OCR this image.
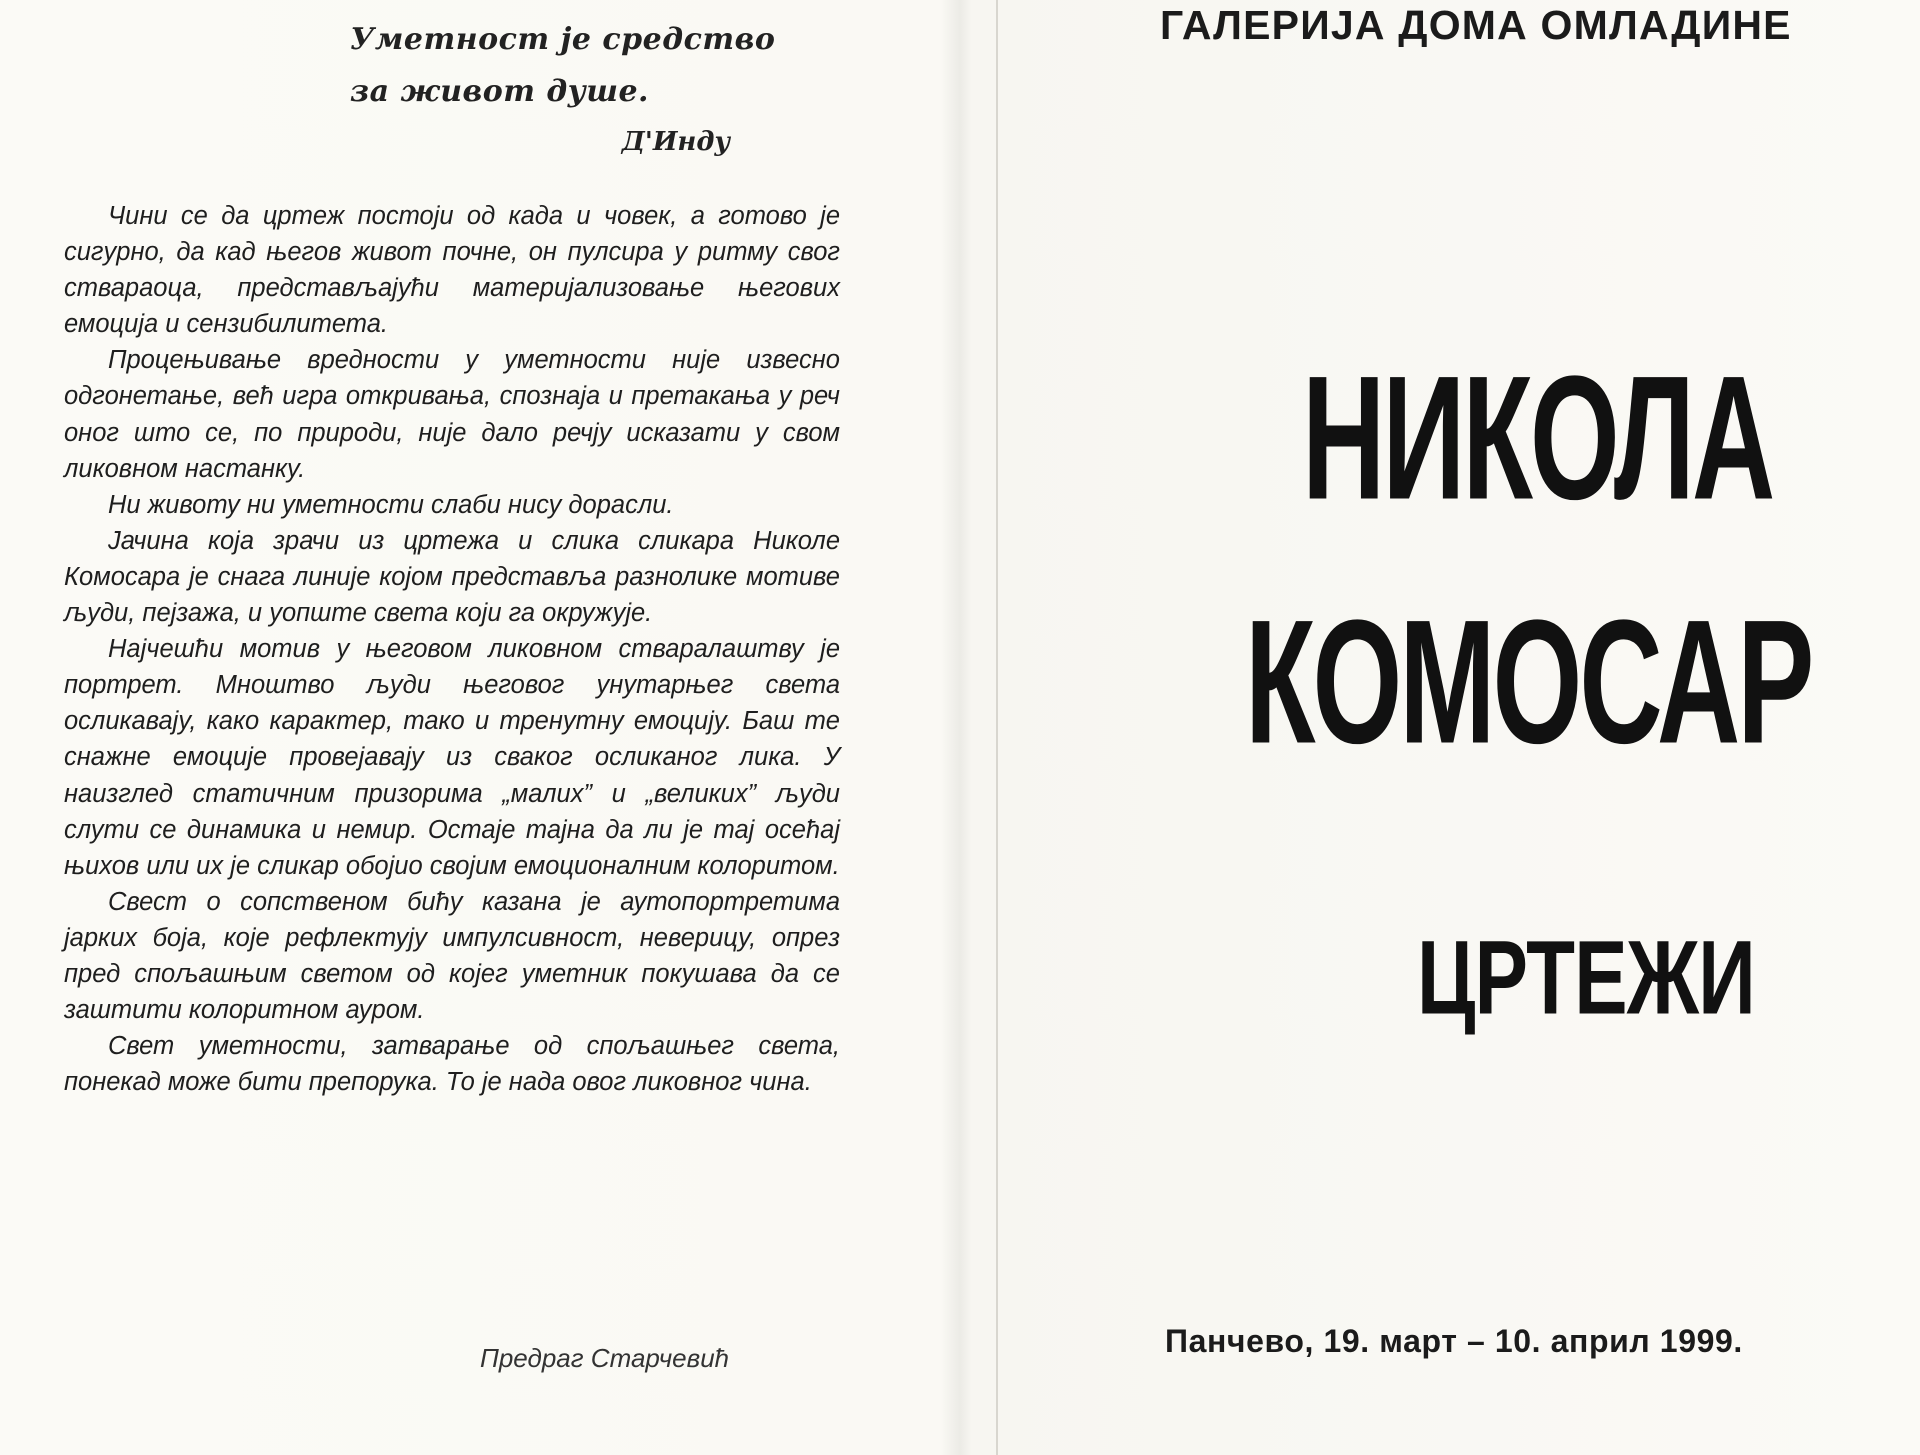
Уметност је средство
за живот душе.
Д'Инду

Чини се да цртеж постоји од када и човек, а готово је сигурно, да кад његов живот почне, он пулсира у ритму свог ствараоца, представљајући материјализовање његових емоција и сензибилитета.

Процењивање вредности у уметности није извесно одгонетање, већ игра откривања, спознаја и претакања у реч оног што се, по природи, није дало речју исказати у свом ликовном настанку.

Ни животу ни уметности слаби нису дорасли.

Јачина која зрачи из цртежа и слика сликара Николе Комосара је снага линије којом представља разнолике мотиве људи, пејзажа, и уопште света који га окружује.

Најчешћи мотив у његовом ликовном стваралаштву је портрет. Мноштво људи његовог унутарњег света осликавају, како карактер, тако и тренутну емоцију. Баш те снажне емоције провејавају из сваког осликаног лика. У наизглед статичним призорима „малих” и „великих” људи слути се динамика и немир. Остаје тајна да ли је тај осећај њихов или их је сликар обојио својим емоционалним колоритом.

Свест о сопственом бићу казана је аутопортретима јарких боја, које рефлектују импулсивност, неверицу, опрез пред спољашњим светом од којег уметник покушава да се заштити колоритном ауром.

Свет уметности, затварање од спољашњег света, понекад може бити препорука. То је нада овог ликовног чина.

Предраг Старчевић
ГАЛЕРИЈА ДОМА ОМЛАДИНЕ
НИКОЛА
КОМОСАР
ЦРТЕЖИ
Панчево, 19. март – 10. април 1999.
